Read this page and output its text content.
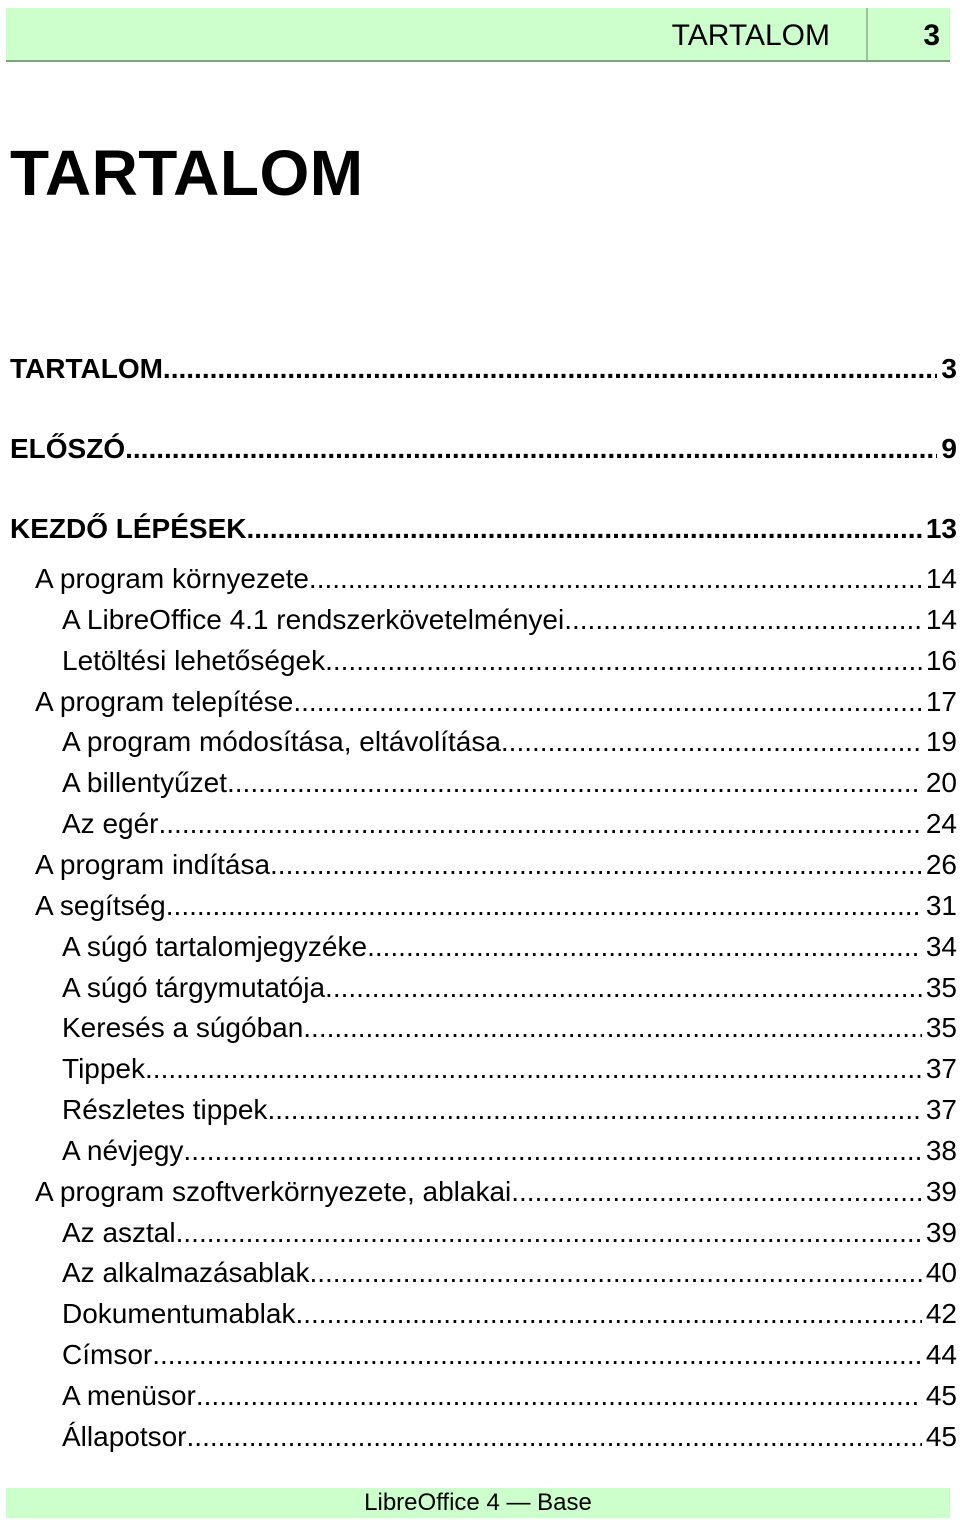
TARTALOM	3
TARTALOM
TARTALOM .....	3
ELŐSZÓ .....	9
KEZDŐ LÉPÉSEK .....	13
A program környezete .....	14
A LibreOffice 4.1 rendszerkövetelményei .....	14
Letöltési lehetőségek .....	16
A program telepítése .....	17
A program módosítása, eltávolítása .....	19
A billentyűzet .....	20
Az egér .....	24
A program indítása .....	26
A segítség .....	31
A súgó tartalomjegyzéke .....	34
A súgó tárgymutatója .....	35
Keresés a súgóban .....	35
Tippek .....	37
Részletes tippek .....	37
A névjegy .....	38
A program szoftverkörnyezete, ablakai .....	39
Az asztal .....	39
Az alkalmazásablak .....	40
Dokumentumablak .....	42
Címsor .....	44
A menüsor .....	45
Állapotsor .....	45
LibreOffice 4 — Base
